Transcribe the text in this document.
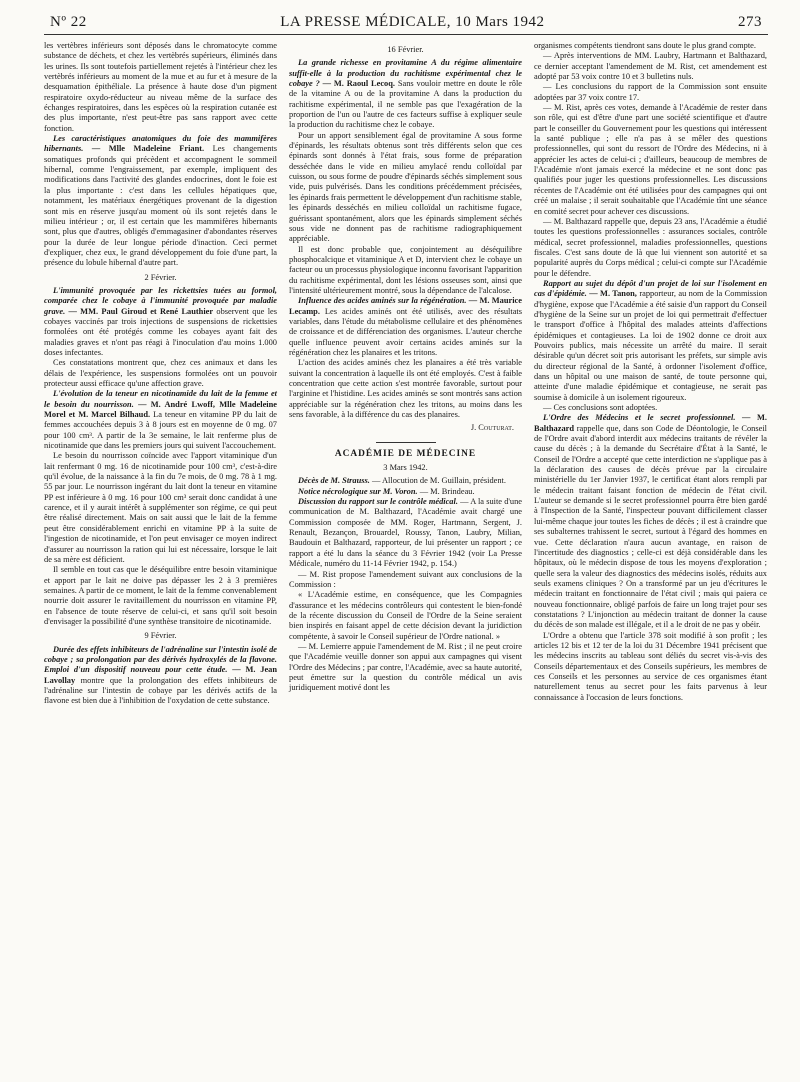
Nº 22	LA PRESSE MÉDICALE, 10 Mars 1942	273

les vertèbres inférieurs sont déposés dans le chromatocyte comme substance de déchets, et chez les vertèbrés supérieurs, éliminés dans les urines. Ils sont toutefois partiellement rejetés à l'intérieur chez les vertèbrés inférieurs au moment de la mue et au fur et à mesure de la desquamation épithéliale. La présence à haute dose d'un pigment respiratoire oxydo-réducteur au niveau même de la surface des échanges respiratoires, dans les espèces où la respiration cutanée est des plus importante, n'est peut-être pas sans rapport avec cette fonction.

Les caractéristiques anatomiques du foie des mammifères hibernants. — Mlle Madeleine Friant. Les changements somatiques profonds qui précèdent et accompagnent le sommeil hibernal, comme l'engraissement, par exemple, impliquent des modifications dans l'activité des glandes endocrines, dont le foie est la plus importante : c'est dans les cellules hépatiques que, notamment, les matériaux énergétiques provenant de la digestion sont mis en réserve jusqu'au moment où ils sont rejetés dans le milieu intérieur ; or, il est certain que les mammifères hibernants sont, plus que d'autres, obligés d'emmagasiner d'abondantes réserves pour la durée de leur longue période d'inaction. Ceci permet d'expliquer, chez eux, le grand développement du foie d'une part, la présence du lobule hibernal d'autre part.

2 Février.

L'immunité provoquée par les rickettsies tuées au formol, comparée chez le cobaye à l'immunité provoquée par maladie grave. — MM. Paul Giroud et René Lauthier observent que les cobayes vaccinés par trois injections de suspensions de rickettsies formolées ont été protégés comme les cobayes ayant fait des maladies graves et n'ont pas réagi à l'inoculation d'au moins 1.000 doses infectantes.

Ces constatations montrent que, chez ces animaux et dans les délais de l'expérience, les suspensions formolées ont un pouvoir protecteur aussi efficace qu'une affection grave.

L'évolution de la teneur en nicotinamide du lait de la femme et le besoin du nourrisson. — M. André Lwoff, Mlle Madeleine Morel et M. Marcel Bilhaud. La teneur en vitamine PP du lait de femmes accouchées depuis 3 à 8 jours est en moyenne de 0 mg. 07 pour 100 cm³. A partir de la 3e semaine, le lait renferme plus de nicotinamide que dans les premiers jours qui suivent l'accouchement.

Le besoin du nourrisson coïncide avec l'apport vitaminique d'un lait renfermant 0 mg. 16 de nicotinamide pour 100 cm³, c'est-à-dire qu'il évolue, de la naissance à la fin du 7e mois, de 0 mg. 78 à 1 mg. 55 par jour. Le nourrisson ingérant du lait dont la teneur en vitamine PP est inférieure à 0 mg. 16 pour 100 cm³ serait donc candidat à une carence, et il y aurait intérêt à supplémenter son régime, ce qui peut être réalisé directement. Mais on sait aussi que le lait de la femme peut être considérablement enrichi en vitamine PP à la suite de l'ingestion de nicotinamide, et l'on peut envisager ce moyen indirect d'assurer au nourrisson la ration qui lui est nécessaire, lorsque le lait de sa mère est déficient.

Il semble en tout cas que le déséquilibre entre besoin vitaminique et apport par le lait ne doive pas dépasser les 2 à 3 premières semaines. A partir de ce moment, le lait de la femme convenablement nourrie doit assurer le ravitaillement du nourrisson en vitamine PP, en l'absence de toute réserve de celui-ci, et sans qu'il soit besoin d'envisager la possibilité d'une synthèse transitoire de nicotinamide.

9 Février.

Durée des effets inhibiteurs de l'adrénaline sur l'intestin isolé de cobaye ; sa prolongation par des dérivés hydroxylés de la flavone. Emploi d'un dispositif nouveau pour cette étude. — M. Jean Lavollay montre que la prolongation des effets inhibiteurs de l'adrénaline sur l'intestin de cobaye par les dérivés actifs de la flavone est bien due à l'inhibition de l'oxydation de cette substance.

16 Février.

La grande richesse en provitamine A du régime alimentaire suffit-elle à la production du rachitisme expérimental chez le cobaye ? — M. Raoul Lecoq. Sans vouloir mettre en doute le rôle de la vitamine A ou de la provitamine A dans la production du rachitisme expérimental, il ne semble pas que l'exagération de la proportion de l'un ou l'autre de ces facteurs suffise à expliquer seule la production du rachitisme chez le cobaye.

Pour un apport sensiblement égal de provitamine A sous forme d'épinards, les résultats obtenus sont très différents selon que ces épinards sont donnés à l'état frais, sous forme de préparation desséchée dans le vide en milieu amylacé rendu colloïdal par cuisson, ou sous forme de poudre d'épinards séchés simplement sous vide, puis pulvérisés. Dans les conditions précédemment précisées, les épinards frais permettent le développement d'un rachitisme stable, les épinards desséchés en milieu colloïdal un rachitisme fugace, guérissant spontanément, alors que les épinards simplement séchés sous vide ne donnent pas de rachitisme radiographiquement appréciable.

Il est donc probable que, conjointement au déséquilibre phosphocalcique et vitaminique A et D, intervient chez le cobaye un facteur ou un processus physiologique inconnu favorisant l'apparition du rachitisme expérimental, dont les lésions osseuses sont, ainsi que l'intensité ultérieurement montré, sous la dépendance de l'alcalose.

Influence des acides aminés sur la régénération. — M. Maurice Lecamp. Les acides aminés ont été utilisés, avec des résultats variables, dans l'étude du métabolisme cellulaire et des phénomènes de croissance et de différenciation des organismes. L'auteur cherche quelle influence peuvent avoir certains acides aminés sur la régénération chez les planaires et les tritons.

L'action des acides aminés chez les planaires a été très variable suivant la concentration à laquelle ils ont été employés. C'est à faible concentration que cette action s'est montrée favorable, surtout pour l'arginine et l'histidine. Les acides aminés se sont montrés sans action appréciable sur la régénération chez les tritons, au moins dans les sens favorable, à la différence du cas des planaires.

J. Couturat.

ACADÉMIE DE MÉDECINE

3 Mars 1942.

Décès de M. Strauss. — Allocution de M. Guillain, président.

Notice nécrologique sur M. Voron. — M. Brindeau.

Discussion du rapport sur le contrôle médical. — A la suite d'une communication de M. Balthazard, l'Académie avait chargé une Commission composée de MM. Roger, Hartmann, Sergent, J. Renault, Bezançon, Brouardel, Roussy, Tanon, Laubry, Milian, Baudouin et Balthazard, rapporteur, de lui présenter un rapport ; ce rapport a été lu dans la séance du 3 Février 1942 (voir La Presse Médicale, numéro du 11-14 Février 1942, p. 154.)

— M. Rist propose l'amendement suivant aux conclusions de la Commission :

« L'Académie estime, en conséquence, que les Compagnies d'assurance et les médecins contrôleurs qui contestent le bien-fondé de la récente discussion du Conseil de l'Ordre de la Seine seraient bien inspirés en faisant appel de cette décision devant la juridiction compétente, à savoir le Conseil supérieur de l'Ordre national. »

— M. Lemierre appuie l'amendement de M. Rist ; il ne peut croire que l'Académie veuille donner son appui aux campagnes qui visent l'Ordre des Médecins ; par contre, l'Académie, avec sa haute autorité, peut émettre sur la question du contrôle médical un avis juridiquement motivé dont les

organismes compétents tiendront sans doute le plus grand compte.

— Après interventions de MM. Laubry, Hartmann et Balthazard, ce dernier acceptant l'amendement de M. Rist, cet amendement est adopté par 53 voix contre 10 et 3 bulletins nuls.

— Les conclusions du rapport de la Commission sont ensuite adoptées par 37 voix contre 17.

— M. Rist, après ces votes, demande à l'Académie de rester dans son rôle, qui est d'être d'une part une société scientifique et d'autre part le conseiller du Gouvernement pour les questions qui intéressent la santé publique ; elle n'a pas à se mêler des questions professionnelles, qui sont du ressort de l'Ordre des Médecins, ni à apprécier les actes de celui-ci ; d'ailleurs, beaucoup de membres de l'Académie n'ont jamais exercé la médecine et ne sont donc pas qualifiés pour juger les questions professionnelles. Les discussions récentes de l'Académie ont été utilisées pour des campagnes qui ont créé un malaise ; il serait souhaitable que l'Académie tînt une séance en comité secret pour achever ces discussions.

— M. Balthazard rappelle que, depuis 23 ans, l'Académie a étudié toutes les questions professionnelles : assurances sociales, contrôle médical, secret professionnel, maladies professionnelles, questions fiscales. C'est sans doute de là que lui viennent son autorité et sa popularité auprès du Corps médical ; celui-ci compte sur l'Académie pour le défendre.

Rapport au sujet du dépôt d'un projet de loi sur l'isolement en cas d'épidémie. — M. Tanon, rapporteur, au nom de la Commission d'hygiène, expose que l'Académie a été saisie d'un rapport du Conseil d'hygiène de la Seine sur un projet de loi qui permettrait d'effectuer le transport d'office à l'hôpital des malades atteints d'affections épidémiques et contagieuses. La loi de 1902 donne ce droit aux Pouvoirs publics, mais nécessite un arrêté du maire. Il serait désirable qu'un décret soit pris autorisant les préfets, sur simple avis du directeur régional de la Santé, à ordonner l'isolement d'office, dans un hôpital ou une maison de santé, de toute personne qui, atteinte d'une maladie épidémique et contagieuse, ne serait pas soumise à domicile à un isolement rigoureux.

— Ces conclusions sont adoptées.

L'Ordre des Médecins et le secret professionnel. — M. Balthazard rappelle que, dans son Code de Déontologie, le Conseil de l'Ordre avait d'abord interdit aux médecins traitants de révéler la cause du décès ; à la demande du Secrétaire d'État à la Santé, le Conseil de l'Ordre a accepté que cette interdiction ne s'applique pas à la déclaration des causes de décès prévue par la circulaire ministérielle du 1er Janvier 1937, le certificat étant alors rempli par le médecin traitant faisant fonction de médecin de l'état civil. L'auteur se demande si le secret professionnel pourra être bien gardé à l'Inspection de la Santé, l'inspecteur pouvant difficilement classer lui-même chaque jour toutes les fiches de décès ; il est à craindre que ses subalternes trahissent le secret, surtout à l'égard des hommes en vue. Cette déclaration n'aura aucun avantage, en raison de l'incertitude des diagnostics ; celle-ci est déjà considérable dans les hôpitaux, où le médecin dispose de tous les moyens d'exploration ; quelle sera la valeur des diagnostics des médecins isolés, réduits aux seuls examens cliniques ? On a transformé par un jeu d'écritures le médecin traitant en fonctionnaire de l'état civil ; mais qui paiera ce nouveau fonctionnaire, obligé parfois de faire un long trajet pour ses constatations ? L'injonction au médecin traitant de donner la cause du décès de son malade est illégale, et il a le droit de ne pas y obéir.

L'Ordre a obtenu que l'article 378 soit modifié à son profit ; les articles 12 bis et 12 ter de la loi du 31 Décembre 1941 précisent que les médecins inscrits au tableau sont déliés du secret vis-à-vis des Conseils départementaux et des Conseils supérieurs, les membres de ces Conseils et les personnes au service de ces organismes étant naturellement tenus au secret pour les faits parvenus à leur connaissance à l'occasion de leurs fonctions.
